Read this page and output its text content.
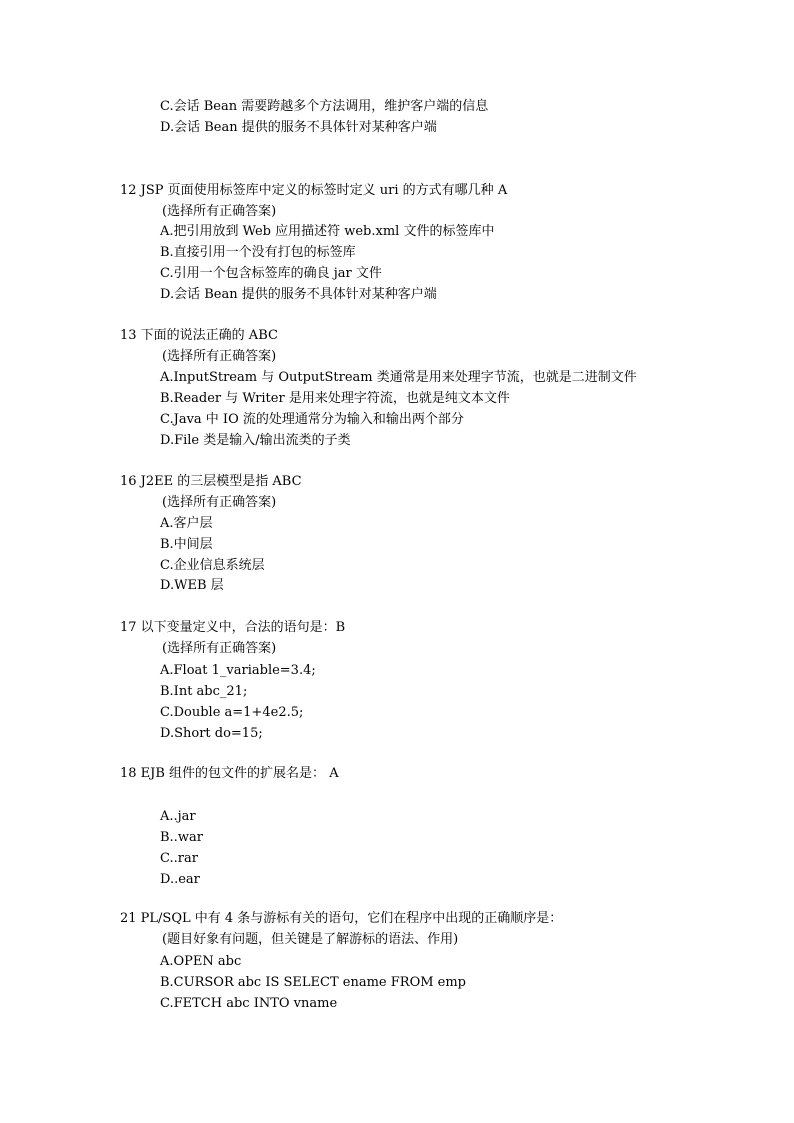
C.会话 Bean 需要跨越多个方法调用，维护客户端的信息
D.会话 Bean 提供的服务不具体针对某种客户端
12 JSP 页面使用标签库中定义的标签时定义 uri 的方式有哪几种 A
(选择所有正确答案)
A.把引用放到 Web 应用描述符 web.xml 文件的标签库中
B.直接引用一个没有打包的标签库
C.引用一个包含标签库的确良 jar 文件
D.会话 Bean 提供的服务不具体针对某种客户端
13 下面的说法正确的 ABC
(选择所有正确答案)
A.InputStream 与 OutputStream 类通常是用来处理字节流，也就是二进制文件
B.Reader 与 Writer 是用来处理字符流，也就是纯文本文件
C.Java 中 IO 流的处理通常分为输入和输出两个部分
D.File 类是输入/输出流类的子类
16 J2EE 的三层模型是指 ABC
(选择所有正确答案)
A.客户层
B.中间层
C.企业信息系统层
D.WEB 层
17 以下变量定义中，合法的语句是：B
(选择所有正确答案)
A.Float 1_variable=3.4;
B.Int abc_21;
C.Double a=1+4e2.5;
D.Short do=15;
18 EJB 组件的包文件的扩展名是： A
A..jar
B..war
C..rar
D..ear
21 PL/SQL 中有 4 条与游标有关的语句，它们在程序中出现的正确顺序是：
(题目好象有问题，但关键是了解游标的语法、作用)
A.OPEN abc
B.CURSOR abc IS SELECT ename FROM emp
C.FETCH abc INTO vname
